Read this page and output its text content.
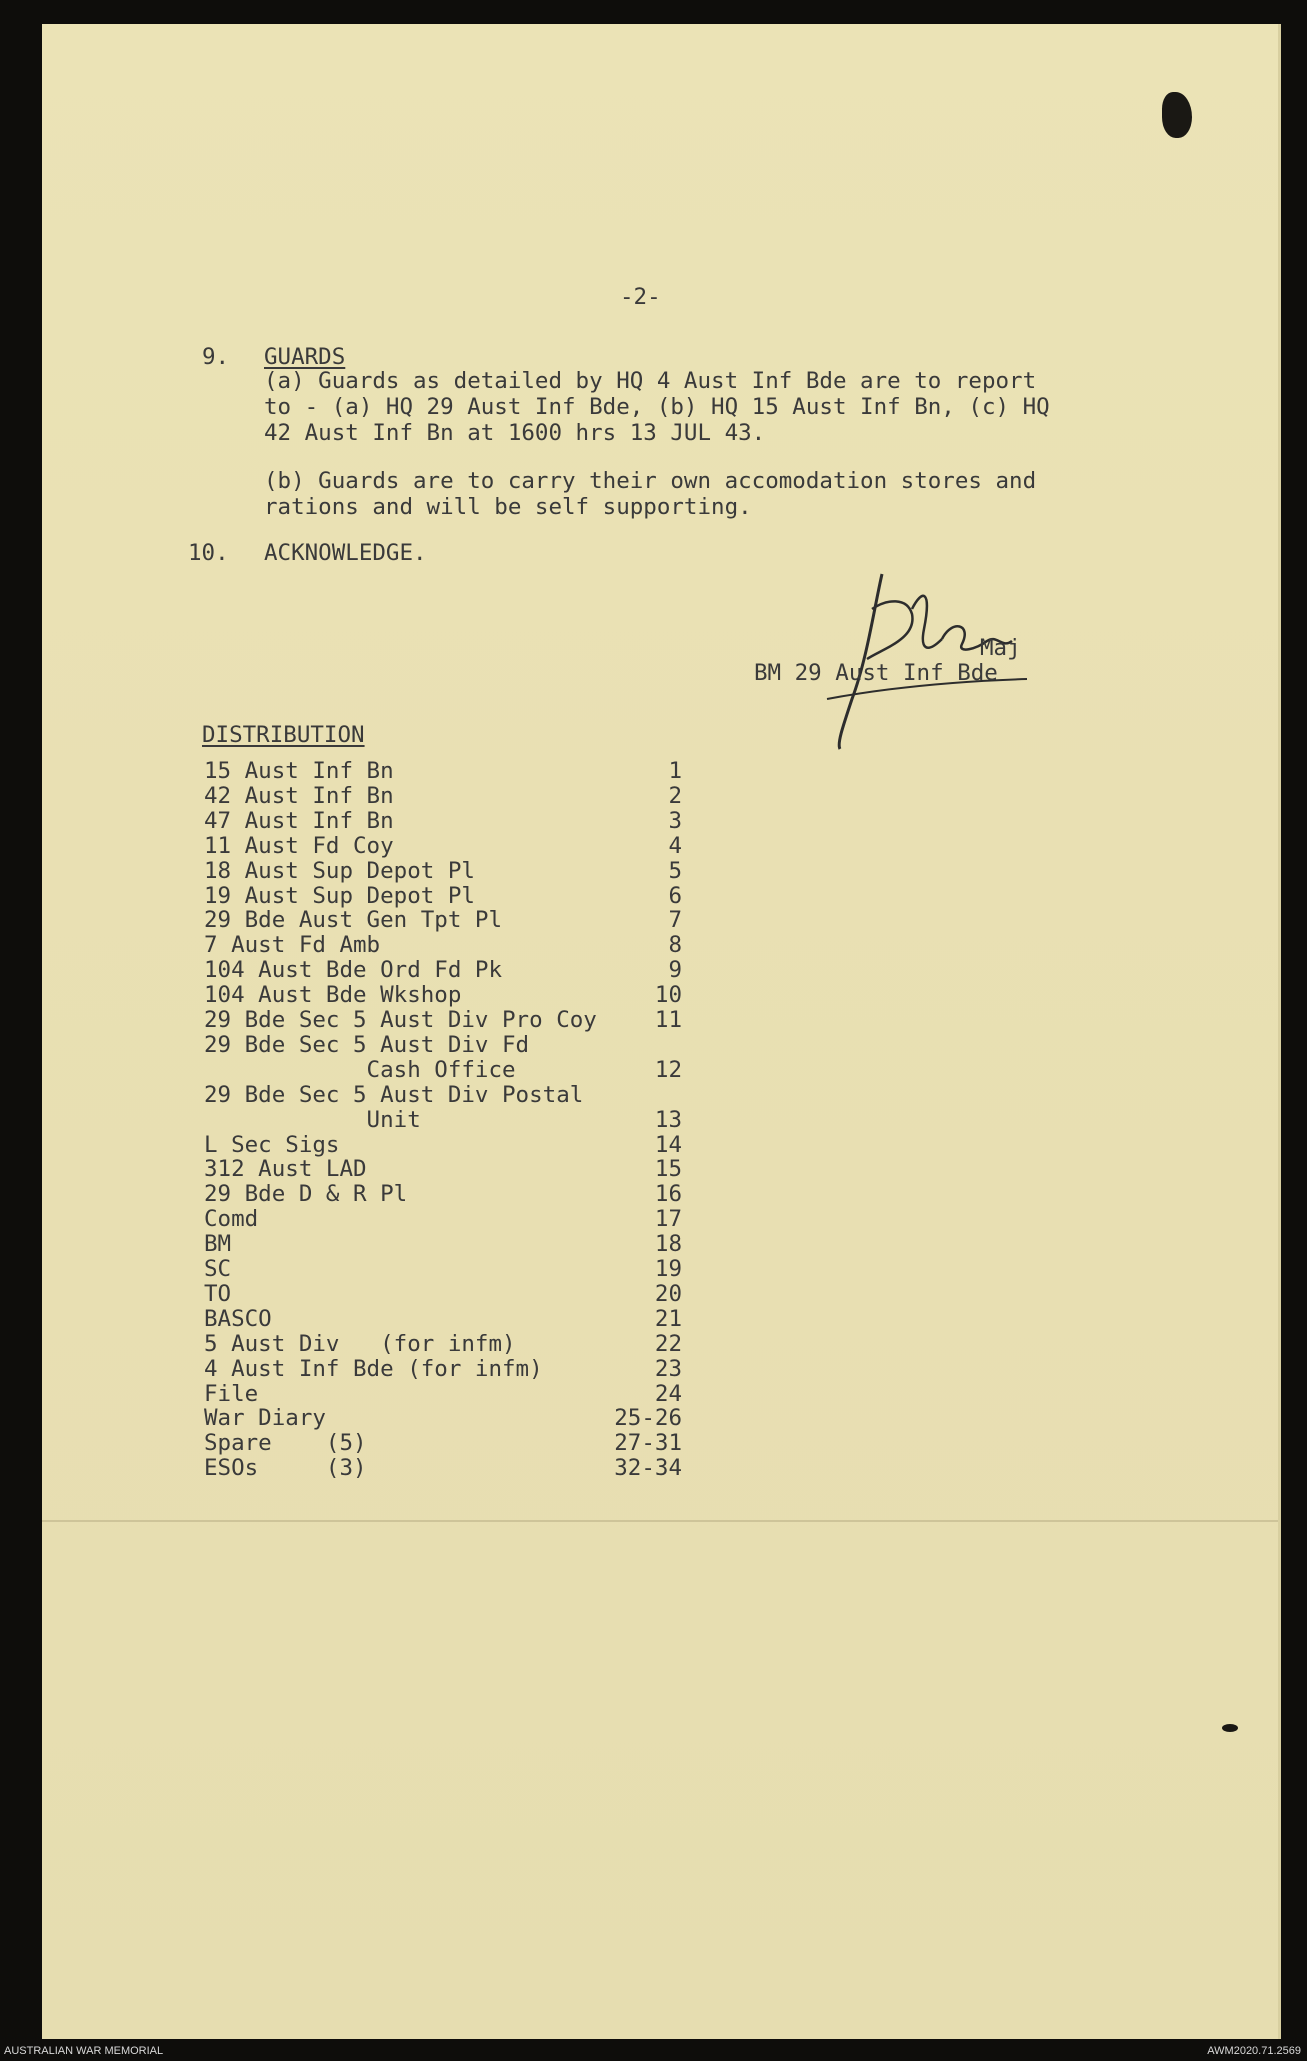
-2-
9. GUARDS
(a) Guards as detailed by HQ 4 Aust Inf Bde are to report
to - (a) HQ 29 Aust Inf Bde, (b) HQ 15 Aust Inf Bn, (c) HQ
42 Aust Inf Bn at 1600 hrs 13 JUL 43.
(b) Guards are to carry their own accomodation stores and
rations and will be self supporting.
10. ACKNOWLEDGE.
Maj
BM 29 Aust Inf Bde
DISTRIBUTION
15 Aust Inf Bn	1
42 Aust Inf Bn	2
47 Aust Inf Bn	3
11 Aust Fd Coy	4
18 Aust Sup Depot Pl	5
19 Aust Sup Depot Pl	6
29 Bde Aust Gen Tpt Pl	7
7 Aust Fd Amb	8
104 Aust Bde Ord Fd Pk	9
104 Aust Bde Wkshop	10
29 Bde Sec 5 Aust Div Pro Coy	11
29 Bde Sec 5 Aust Div Fd
Cash Office	12
29 Bde Sec 5 Aust Div Postal
Unit	13
L Sec Sigs	14
312 Aust LAD	15
29 Bde D & R Pl	16
Comd	17
BM	18
SC	19
TO	20
BASCO	21
5 Aust Div   (for infm)	22
4 Aust Inf Bde (for infm)	23
File	24
War Diary	25-26
Spare    (5)	27-31
ESOs     (3)	32-34
AUSTRALIAN WAR MEMORIAL	AWM2020.71.2569
